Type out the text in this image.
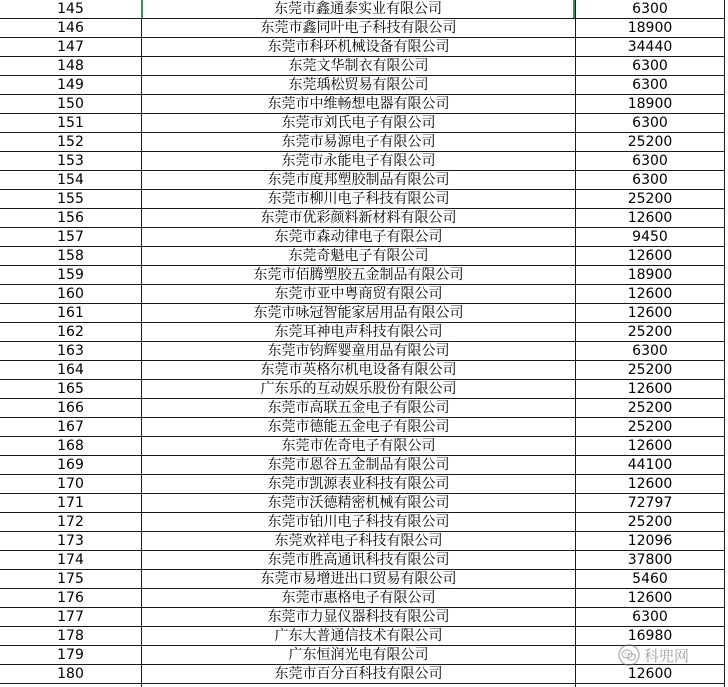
145	东莞市鑫通泰实业有限公司	6300
146	东莞市鑫同叶电子科技有限公司	18900
147	东莞市科环机械设备有限公司	34440
148	东莞文华制衣有限公司	6300
149	东莞瑀松贸易有限公司	6300
150	东莞市中维畅想电器有限公司	18900
151	东莞市刘氏电子有限公司	6300
152	东莞市易源电子有限公司	25200
153	东莞市永能电子有限公司	6300
154	东莞市度邦塑胶制品有限公司	6300
155	东莞市柳川电子科技有限公司	25200
156	东莞市优彩颜料新材料有限公司	12600
157	东莞市森动律电子有限公司	9450
158	东莞奇魁电子有限公司	12600
159	东莞市佰腾塑胶五金制品有限公司	18900
160	东莞市亚中粤商贸有限公司	12600
161	东莞市咏冠智能家居用品有限公司	12600
162	东莞耳神电声科技有限公司	25200
163	东莞市钧辉婴童用品有限公司	6300
164	东莞市英格尔机电设备有限公司	25200
165	广东乐的互动娱乐股份有限公司	12600
166	东莞市高联五金电子有限公司	25200
167	东莞市德能五金电子有限公司	25200
168	东莞市佐奇电子有限公司	12600
169	东莞市恩谷五金制品有限公司	44100
170	东莞市凯源表业科技有限公司	12600
171	东莞市沃德精密机械有限公司	72797
172	东莞市铂川电子科技有限公司	25200
173	东莞欢祥电子科技有限公司	12096
174	东莞市胜高通讯科技有限公司	37800
175	东莞市易增进出口贸易有限公司	5460
176	东莞市惠格电子有限公司	12600
177	东莞市力显仪器科技有限公司	6300
178	广东大普通信技术有限公司	16980
179	广东恒润光电有限公司
180	东莞市百分百科技有限公司	12600
科兜网
